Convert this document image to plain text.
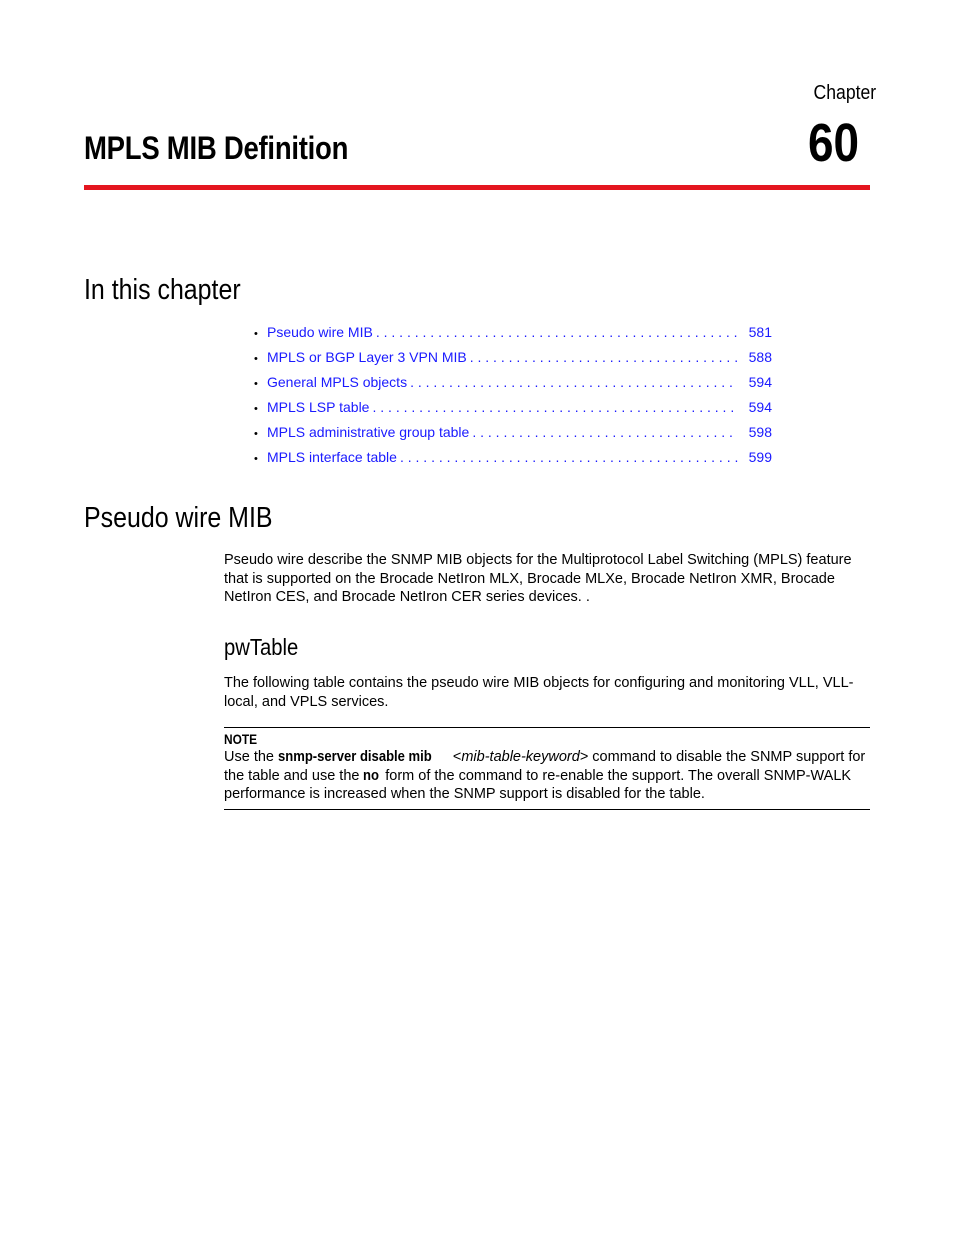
Chapter
60
MPLS MIB Definition
In this chapter
• Pseudo wire MIB . . .	581
• MPLS or BGP Layer 3 VPN MIB . . .	588
• General MPLS objects . . .	594
• MPLS LSP table . . .	594
• MPLS administrative group table . . .	598
• MPLS interface table . . .	599
Pseudo wire MIB
Pseudo wire describe the SNMP MIB objects for the Multiprotocol Label Switching (MPLS) feature that is supported on the Brocade NetIron MLX, Brocade MLXe, Brocade NetIron XMR, Brocade NetIron CES, and Brocade NetIron CER series devices. .
pwTable
The following table contains the pseudo wire MIB objects for configuring and monitoring VLL, VLL-local, and VPLS services.
NOTE
Use the snmp-server disable mib <mib-table-keyword> command to disable the SNMP support for the table and use the no form of the command to re-enable the support. The overall SNMP-WALK performance is increased when the SNMP support is disabled for the table.
